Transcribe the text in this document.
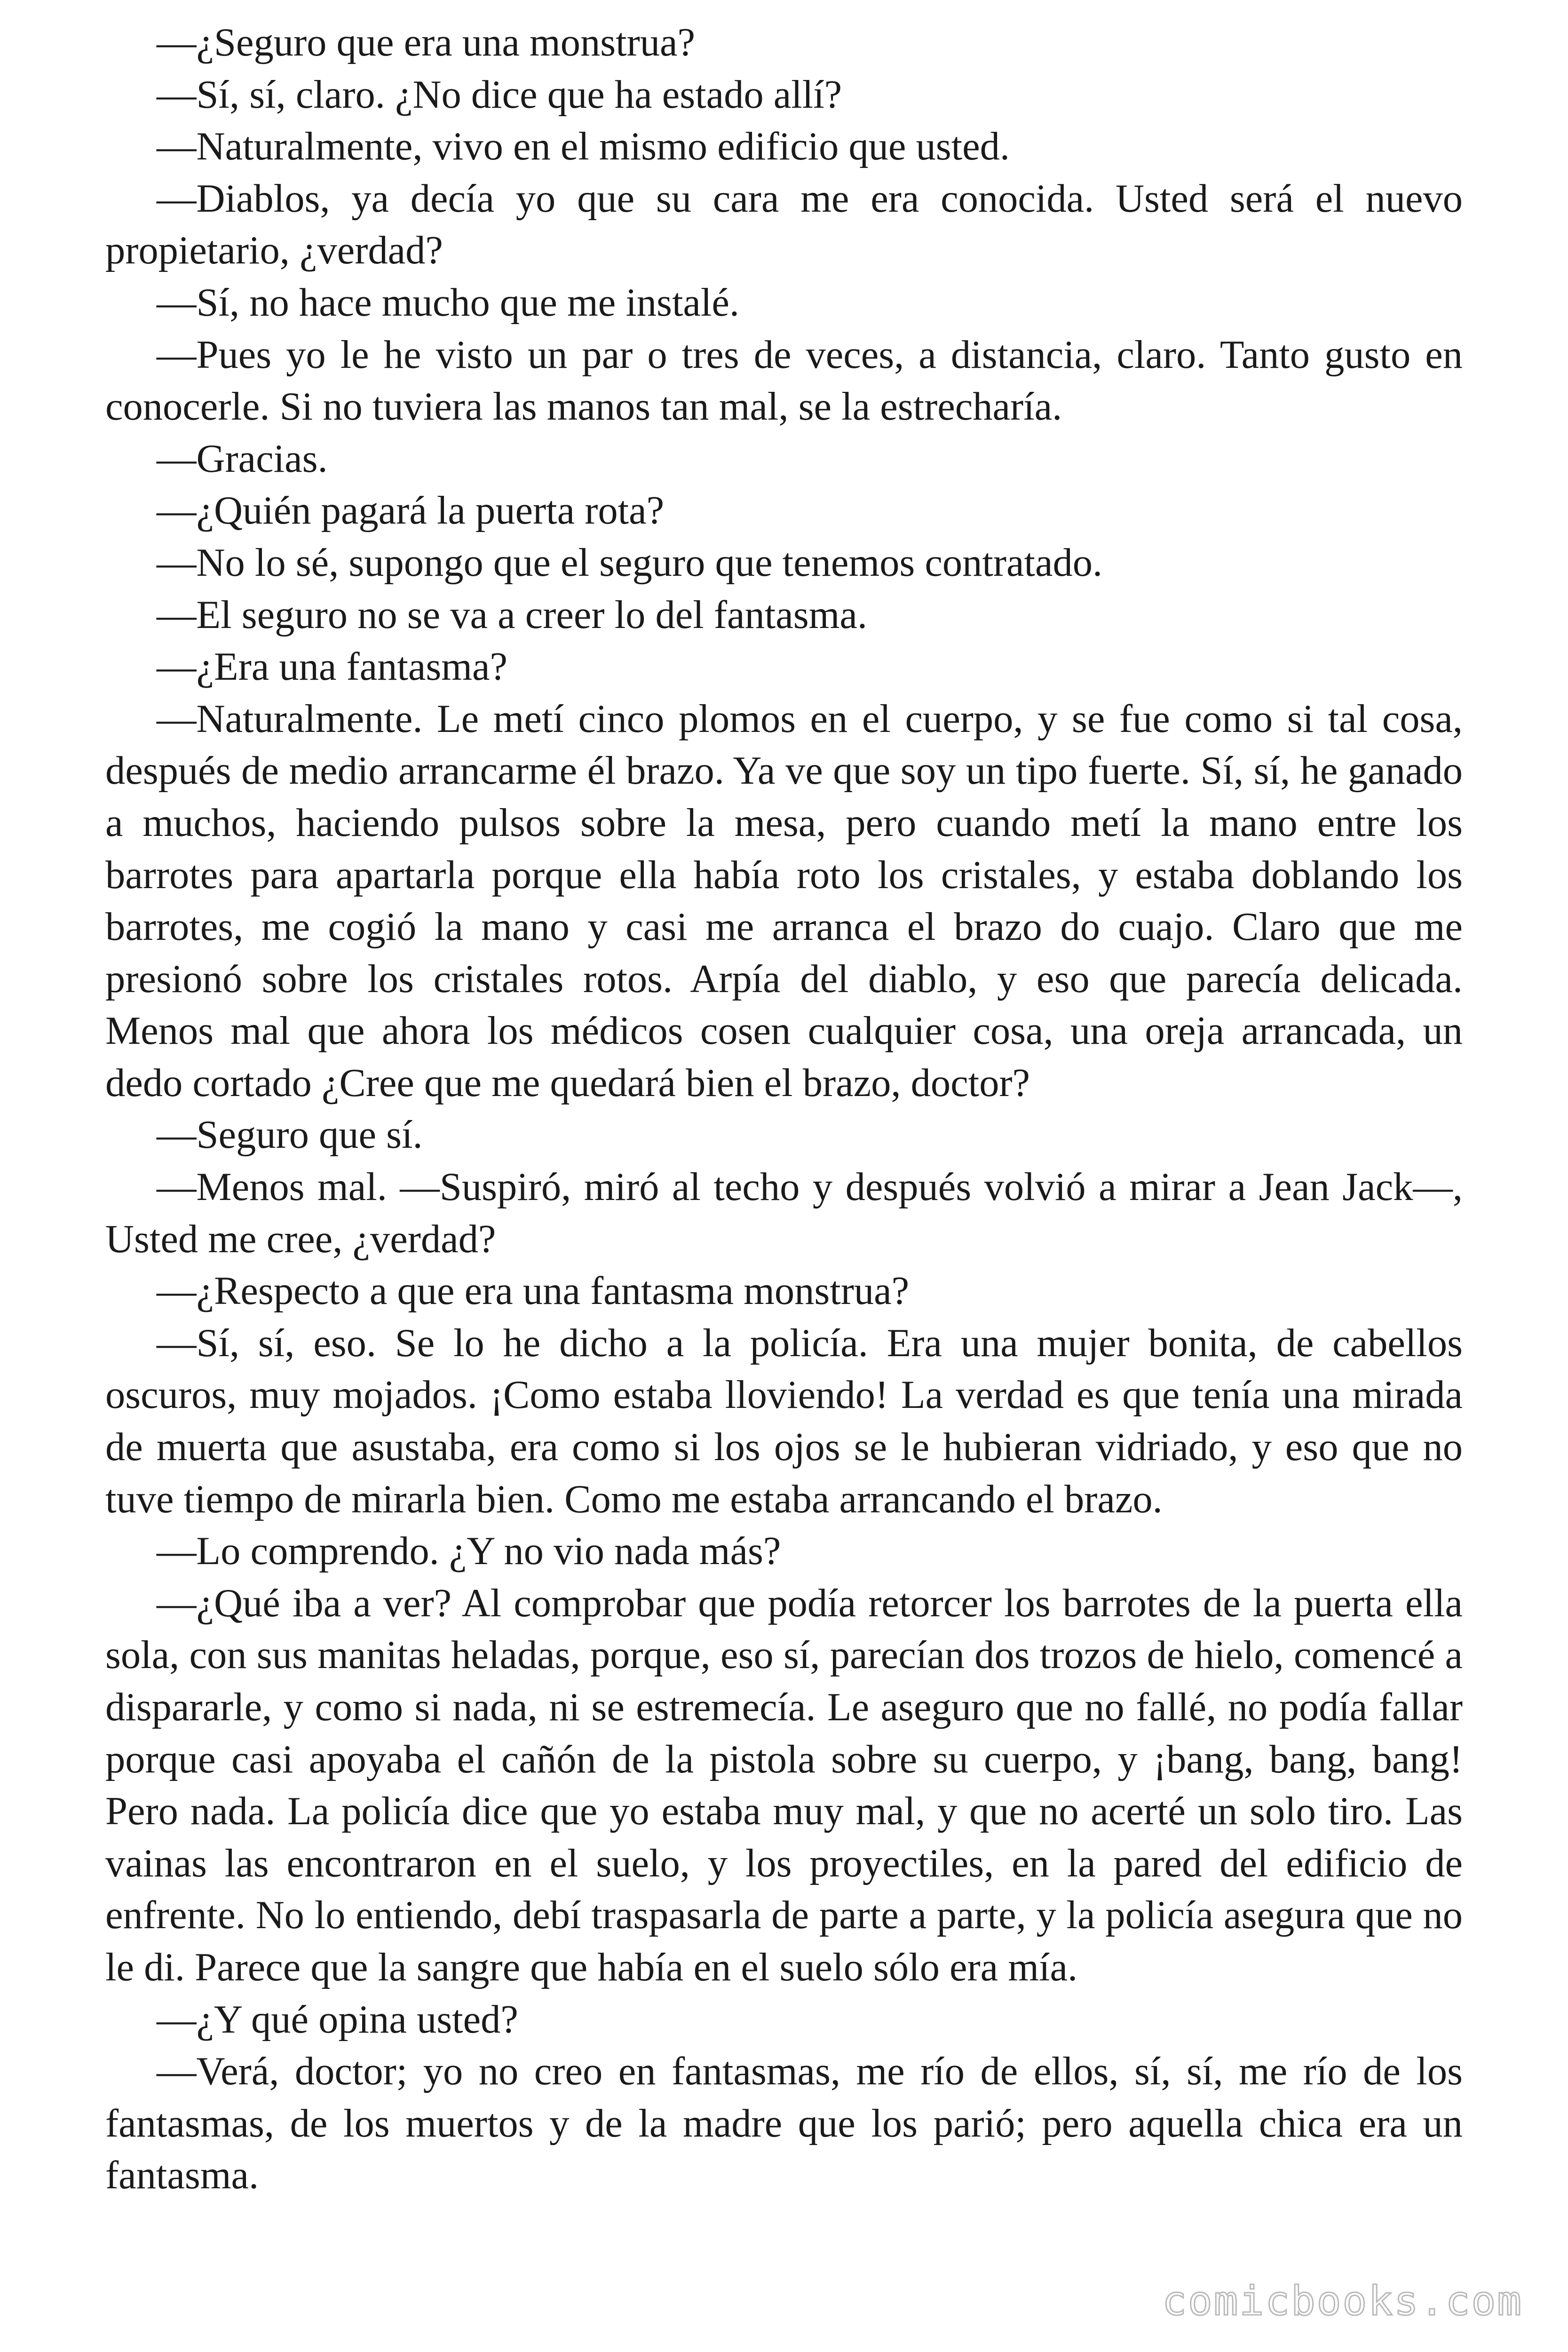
—¿Seguro que era una monstrua?

—Sí, sí, claro. ¿No dice que ha estado allí?

—Naturalmente, vivo en el mismo edificio que usted.

—Diablos, ya decía yo que su cara me era conocida. Usted será el nuevo propietario, ¿verdad?

—Sí, no hace mucho que me instalé.

—Pues yo le he visto un par o tres de veces, a distancia, claro. Tanto gusto en conocerle. Si no tuviera las manos tan mal, se la estrecharía.

—Gracias.

—¿Quién pagará la puerta rota?

—No lo sé, supongo que el seguro que tenemos contratado.

—El seguro no se va a creer lo del fantasma.

—¿Era una fantasma?

—Naturalmente. Le metí cinco plomos en el cuerpo, y se fue como si tal cosa, después de medio arrancarme él brazo. Ya ve que soy un tipo fuerte. Sí, sí, he ganado a muchos, haciendo pulsos sobre la mesa, pero cuando metí la mano entre los barrotes para apartarla porque ella había roto los cristales, y estaba doblando los barrotes, me cogió la mano y casi me arranca el brazo do cuajo. Claro que me presionó sobre los cristales rotos. Arpía del diablo, y eso que parecía delicada. Menos mal que ahora los médicos cosen cualquier cosa, una oreja arrancada, un dedo cortado ¿Cree que me quedará bien el brazo, doctor?

—Seguro que sí.

—Menos mal. —Suspiró, miró al techo y después volvió a mirar a Jean Jack—, Usted me cree, ¿verdad?

—¿Respecto a que era una fantasma monstrua?

—Sí, sí, eso. Se lo he dicho a la policía. Era una mujer bonita, de cabellos oscuros, muy mojados. ¡Como estaba lloviendo! La verdad es que tenía una mirada de muerta que asustaba, era como si los ojos se le hubieran vidriado, y eso que no tuve tiempo de mirarla bien. Como me estaba arrancando el brazo.

—Lo comprendo. ¿Y no vio nada más?

—¿Qué iba a ver? Al comprobar que podía retorcer los barrotes de la puerta ella sola, con sus manitas heladas, porque, eso sí, parecían dos trozos de hielo, comencé a dispararle, y como si nada, ni se estremecía. Le aseguro que no fallé, no podía fallar porque casi apoyaba el cañón de la pistola sobre su cuerpo, y ¡bang, bang, bang! Pero nada. La policía dice que yo estaba muy mal, y que no acerté un solo tiro. Las vainas las encontraron en el suelo, y los proyectiles, en la pared del edificio de enfrente. No lo entiendo, debí traspasarla de parte a parte, y la policía asegura que no le di. Parece que la sangre que había en el suelo sólo era mía.

—¿Y qué opina usted?

—Verá, doctor; yo no creo en fantasmas, me río de ellos, sí, sí, me río de los fantasmas, de los muertos y de la madre que los parió; pero aquella chica era un fantasma.

comicbooks.com
